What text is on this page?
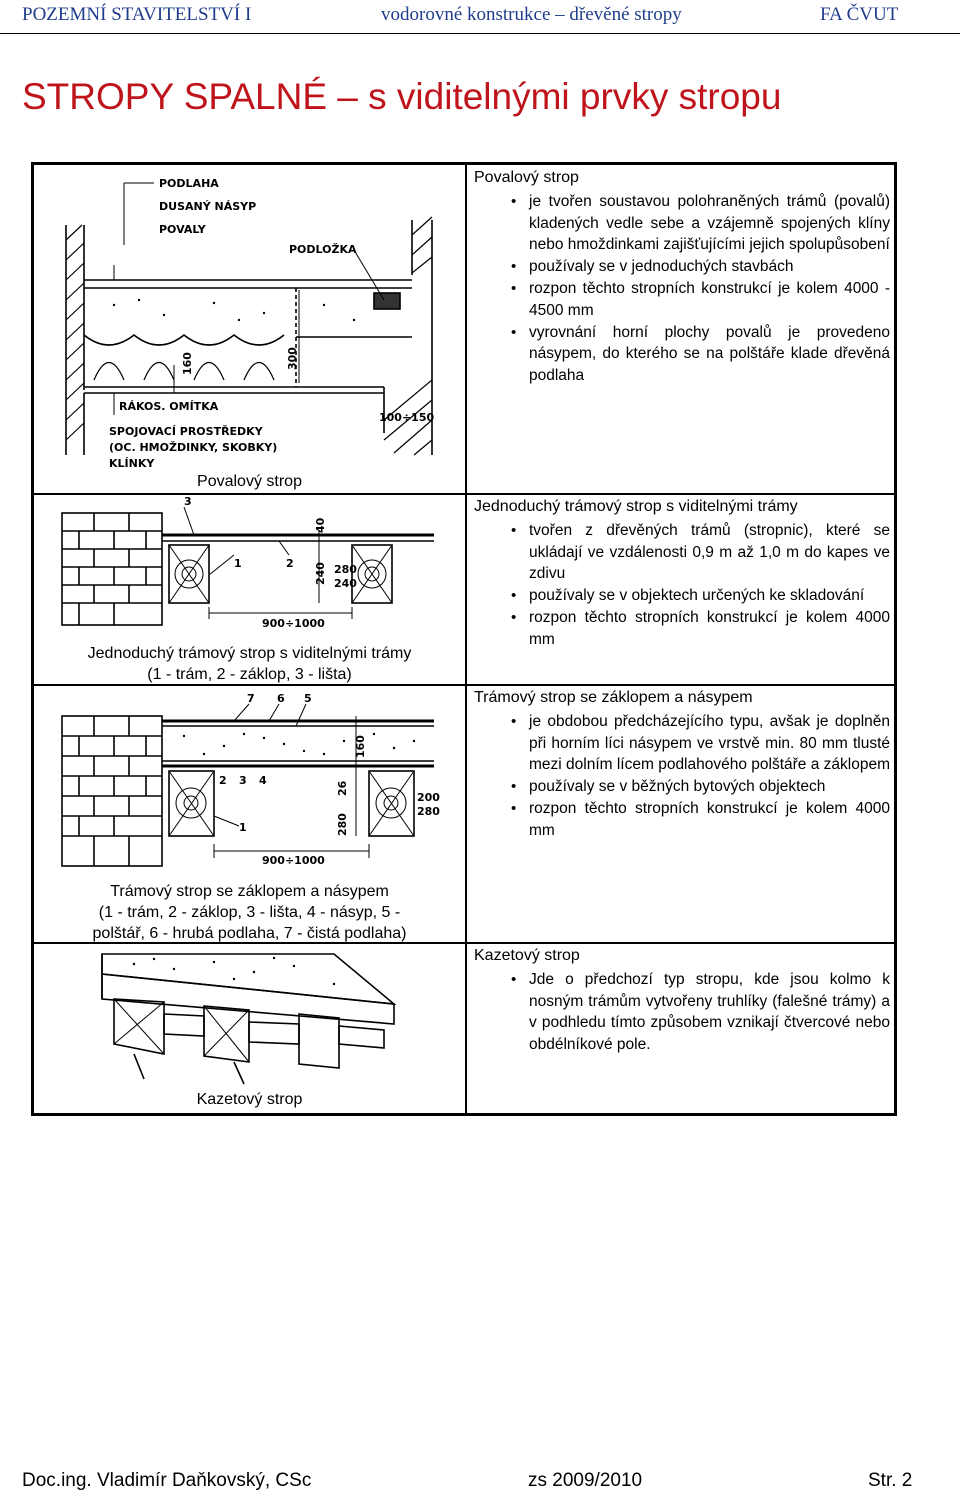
POZEMNÍ STAVITELSTVÍ I	vodorovné konstrukce – dřevěné stropy	FA ČVUT
STROPY SPALNÉ – s viditelnými prvky stropu
PODLAHA
DUSANÝ NÁSYP
POVALY
PODLOŽKA
RÁKOS. OMÍTKA
SPOJOVACÍ PROSTŘEDKY
(OC. HMOŽDINKY, SKOBKY)
KLÍNKY
160	300
100÷150
Povalový strop
Povalový strop
• je tvořen soustavou polohraněných trámů (povalů) kladených vedle sebe a vzájemně spojených klíny nebo hmoždinkami zajišťujícími jejich spolupůsobení
• používaly se v jednoduchých stavbách
• rozpon těchto stropních konstrukcí je kolem 4000 - 4500 mm
• vyrovnání horní plochy povalů je provedeno násypem, do kterého se na polštáře klade dřevěná podlaha
3
1	2
40
240 280
240
900÷1000
Jednoduchý trámový strop s viditelnými trámy
(1 - trám, 2 - záklop, 3 - lišta)
Jednoduchý trámový strop s viditelnými trámy
• tvořen z dřevěných trámů (stropnic), které se ukládají ve vzdálenosti 0,9 m až 1,0 m do kapes ve zdivu
• používaly se v objektech určených ke skladování
• rozpon těchto stropních konstrukcí je kolem 4000 mm
7 6 5
2 3 4
1
160
26
280
200
280
900÷1000
Trámový strop se záklopem a násypem
(1 - trám, 2 - záklop, 3 - lišta, 4 - násyp, 5 -
polštář, 6 - hrubá podlaha, 7 - čistá podlaha)
Trámový strop se záklopem a násypem
• je obdobou předcházejícího typu, avšak je doplněn při horním líci násypem ve vrstvě min. 80 mm tlusté mezi dolním lícem podlahového polštáře a záklopem
• používaly se v běžných bytových objektech
• rozpon těchto stropních konstrukcí je kolem 4000 mm
Kazetový strop
Kazetový strop
• Jde o předchozí typ stropu, kde jsou kolmo k nosným trámům vytvořeny truhlíky (falešné trámy) a v podhledu tímto způsobem vznikají čtvercové nebo obdélníkové pole.
Doc.ing. Vladimír Daňkovský, CSc	zs 2009/2010	Str. 2
